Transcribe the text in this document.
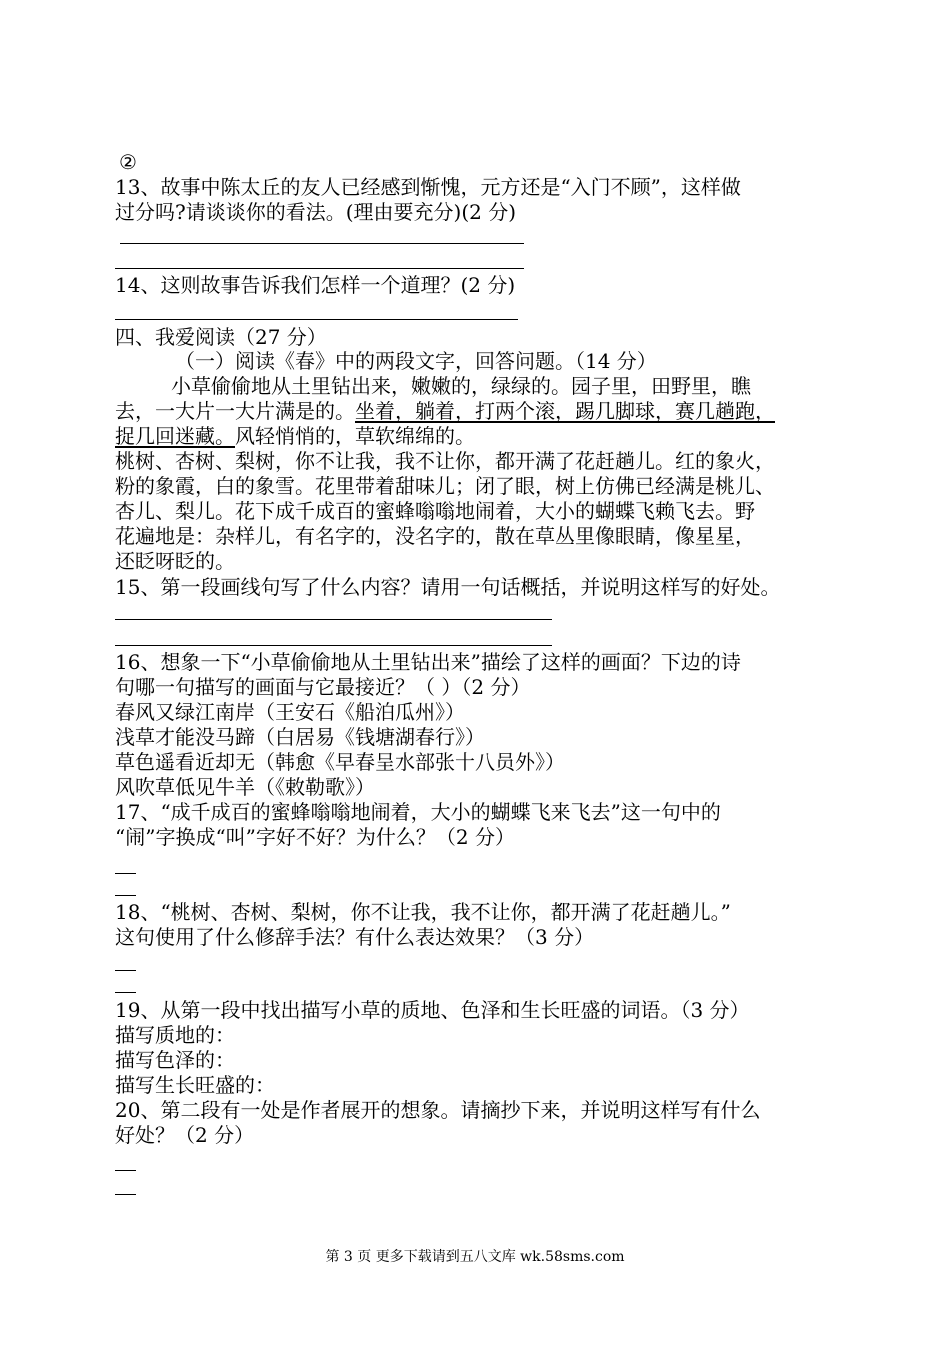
②
13、故事中陈太丘的友人已经感到惭愧，元方还是“入门不顾”，这样做
过分吗?请谈谈你的看法。(理由要充分)(2 分)
14、这则故事告诉我们怎样一个道理？(2 分)
四、我爱阅读（27 分）
（一）阅读《春》中的两段文字，回答问题。（14 分）
小草偷偷地从土里钻出来，嫩嫩的，绿绿的。园子里，田野里，瞧
去，一大片一大片满是的。坐着，躺着，打两个滚，踢几脚球，赛几趟跑，
捉几回迷藏。风轻悄悄的，草软绵绵的。
桃树、杏树、梨树，你不让我，我不让你，都开满了花赶趟儿。红的象火，
粉的象霞，白的象雪。花里带着甜味儿；闭了眼，树上仿佛已经满是桃儿、
杏儿、梨儿。花下成千成百的蜜蜂嗡嗡地闹着，大小的蝴蝶飞赖飞去。野
花遍地是：杂样儿，有名字的，没名字的，散在草丛里像眼睛，像星星，
还眨呀眨的。
15、第一段画线句写了什么内容？请用一句话概括，并说明这样写的好处。
16、想象一下“小草偷偷地从土里钻出来”描绘了这样的画面？下边的诗
句哪一句描写的画面与它最接近？（ ）（2 分）
春风又绿江南岸（王安石《船泊瓜州》）
浅草才能没马蹄（白居易《钱塘湖春行》）
草色遥看近却无（韩愈《早春呈水部张十八员外》）
风吹草低见牛羊（《敕勒歌》）
17、“成千成百的蜜蜂嗡嗡地闹着，大小的蝴蝶飞来飞去”这一句中的
“闹”字换成“叫”字好不好？为什么？（2 分）
18、“桃树、杏树、梨树，你不让我，我不让你，都开满了花赶趟儿。”
这句使用了什么修辞手法？有什么表达效果？（3 分）
19、从第一段中找出描写小草的质地、色泽和生长旺盛的词语。（3 分）
描写质地的：
描写色泽的：
描写生长旺盛的：
20、第二段有一处是作者展开的想象。请摘抄下来，并说明这样写有什么
好处？（2 分）
第 3 页 更多下载请到五八文库 wk.58sms.com
